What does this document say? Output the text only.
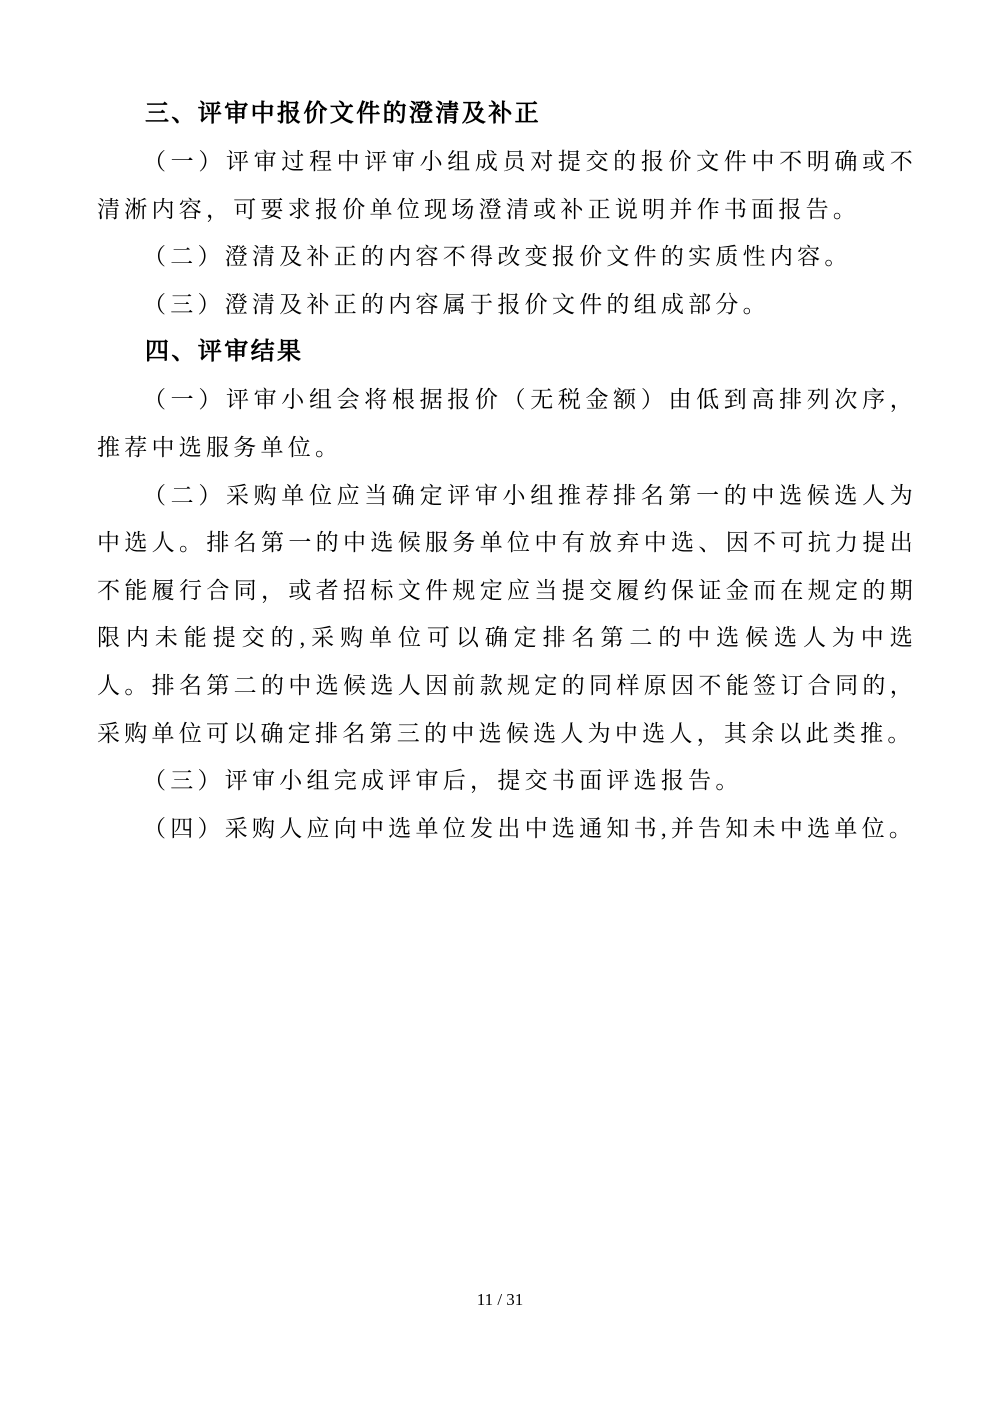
三、评审中报价文件的澄清及补正

（一）评审过程中评审小组成员对提交的报价文件中不明确或不清淅内容，可要求报价单位现场澄清或补正说明并作书面报告。

（二）澄清及补正的内容不得改变报价文件的实质性内容。

（三）澄清及补正的内容属于报价文件的组成部分。

四、评审结果

（一）评审小组会将根据报价（无税金额）由低到高排列次序，推荐中选服务单位。

（二）采购单位应当确定评审小组推荐排名第一的中选候选人为中选人。排名第一的中选候服务单位中有放弃中选、因不可抗力提出不能履行合同，或者招标文件规定应当提交履约保证金而在规定的期限内未能提交的,采购单位可以确定排名第二的中选候选人为中选人。排名第二的中选候选人因前款规定的同样原因不能签订合同的，采购单位可以确定排名第三的中选候选人为中选人，其余以此类推。

（三）评审小组完成评审后，提交书面评选报告。

（四）采购人应向中选单位发出中选通知书,并告知未中选单位。

11 / 31
